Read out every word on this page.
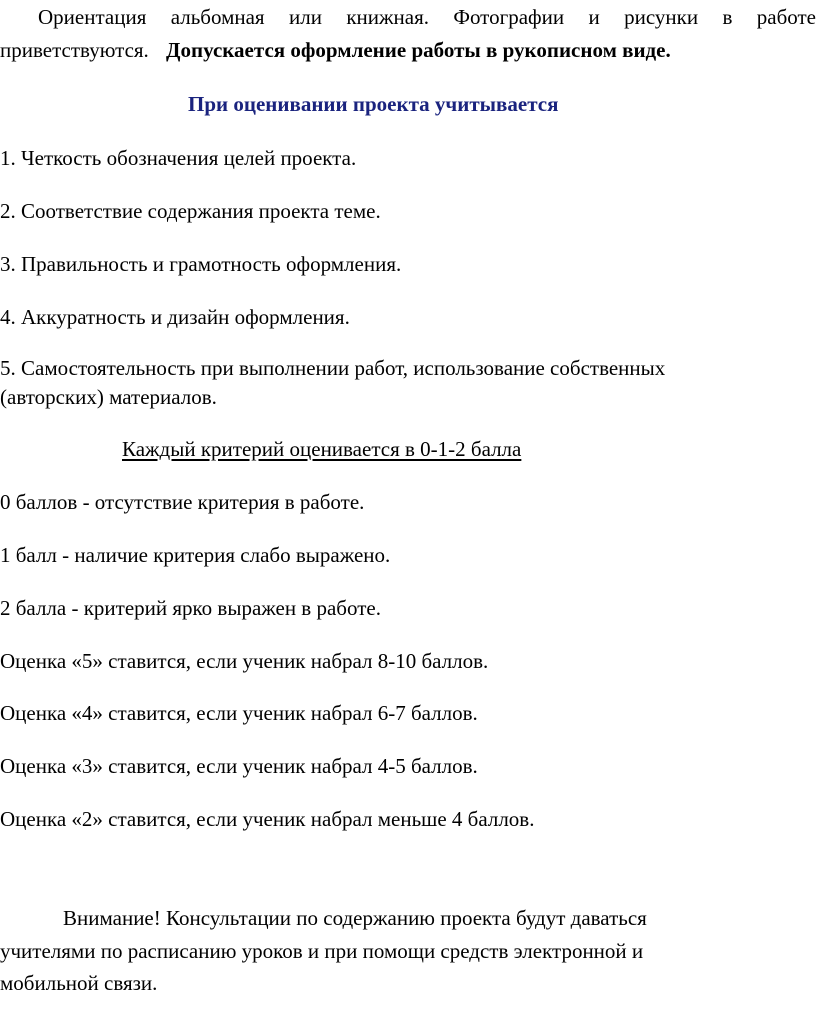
Ориентация альбомная или книжная. Фотографии и рисунки в работе
приветствуются. Допускается оформление работы в рукописном виде.
При оценивании проекта учитывается
1. Четкость обозначения целей проекта.
2. Соответствие содержания проекта теме.
3. Правильность и грамотность оформления.
4. Аккуратность и дизайн оформления.
5. Самостоятельность при выполнении работ, использование собственных
(авторских) материалов.
Каждый критерий оценивается в 0-1-2 балла
0 баллов - отсутствие критерия в работе.
1 балл - наличие критерия слабо выражено.
2 балла - критерий ярко выражен в работе.
Оценка «5» ставится, если ученик набрал 8-10 баллов.
Оценка «4» ставится, если ученик набрал 6-7 баллов.
Оценка «3» ставится, если ученик набрал 4-5 баллов.
Оценка «2» ставится, если ученик набрал меньше 4 баллов.
Внимание! Консультации по содержанию проекта будут даваться
учителями по расписанию уроков и при помощи средств электронной и
мобильной связи.
